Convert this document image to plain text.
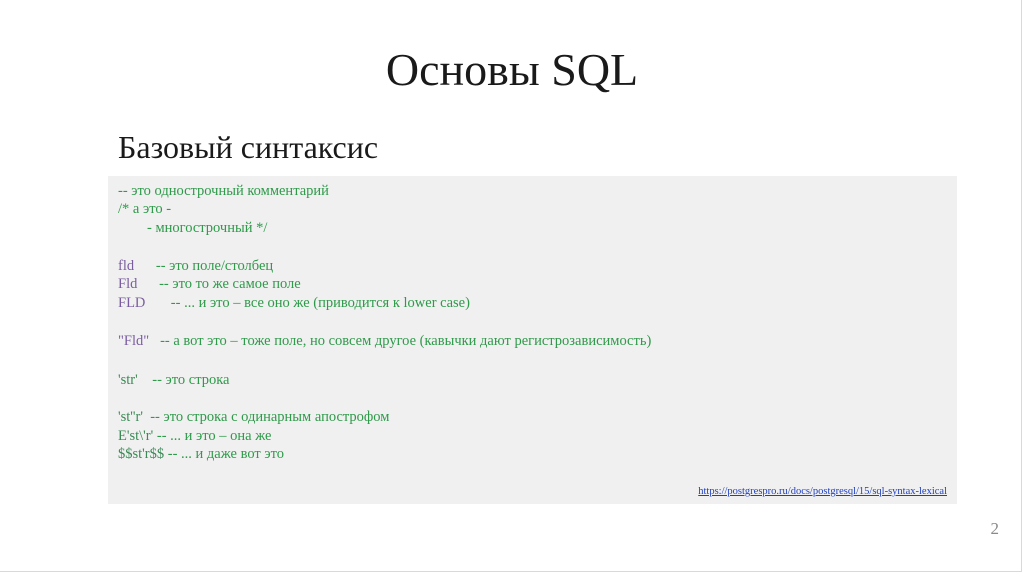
Основы SQL
Базовый синтаксис
-- это однострочный комментарий
/* а это -
- многострочный */
fld -- это поле/столбец
Fld -- это то же самое поле
FLD -- ... и это – все оно же (приводится к lower case)
"Fld" -- а вот это – тоже поле, но совсем другое (кавычки дают регистрозависимость)
'str' -- это строка
'st''r' -- это строка с одинарным апострофом
E'st\'r' -- ... и это – она же
$$st'r$$ -- ... и даже вот это
https://postgrespro.ru/docs/postgresql/15/sql-syntax-lexical
2
